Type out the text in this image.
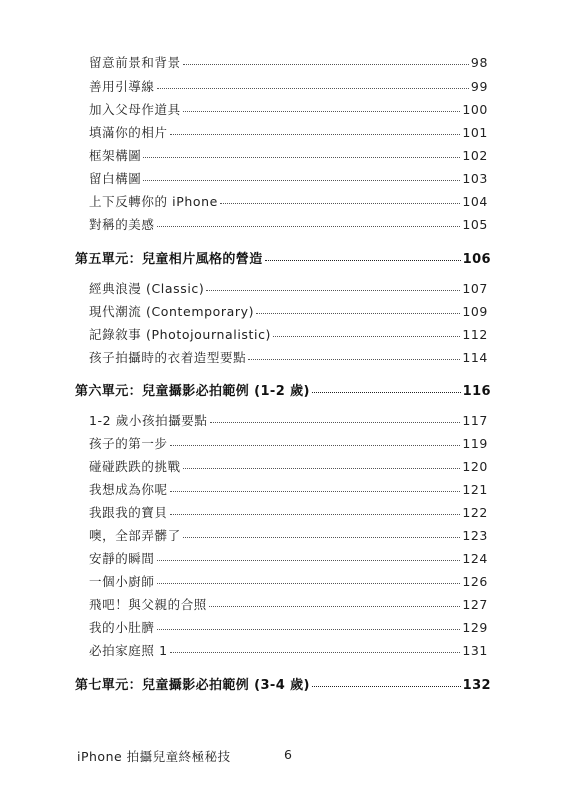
留意前景和背景	98
善用引導線	99
加入父母作道具	100
填滿你的相片	101
框架構圖	102
留白構圖	103
上下反轉你的 iPhone	104
對稱的美感	105
第五單元：兒童相片風格的營造	106
經典浪漫 (Classic)	107
現代潮流 (Contemporary)	109
記錄敘事 (Photojournalistic)	112
孩子拍攝時的衣着造型要點	114
第六單元：兒童攝影必拍範例 (1-2 歲)	116
1-2 歲小孩拍攝要點	117
孩子的第一步	119
碰碰跌跌的挑戰	120
我想成為你呢	121
我跟我的寶貝	122
噢，全部弄髒了	123
安靜的瞬間	124
一個小廚師	126
飛吧！與父親的合照	127
我的小肚臍	129
必拍家庭照 1	131
第七單元：兒童攝影必拍範例 (3-4 歲)	132
iPhone 拍攝兒童終極秘技	6
